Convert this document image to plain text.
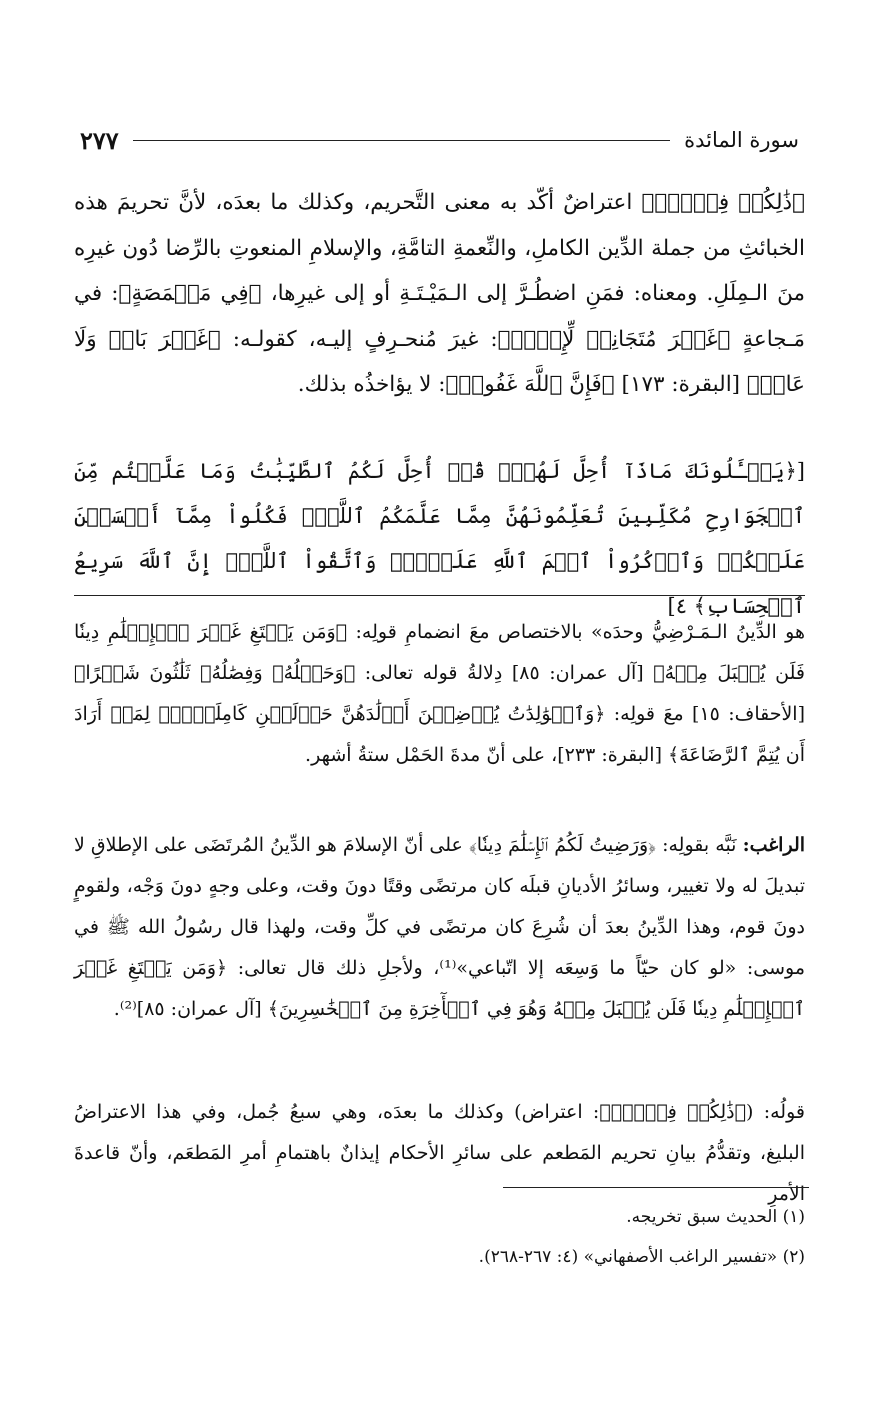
سورة المائدة
٢٧٧
﴿ذَٰلِكُمۡ فِسۡقٌۗ﴾ اعتراضٌ أكّد به معنى التَّحريم، وكذلك ما بعدَه، لأنَّ تحريمَ هذه الخبائثِ من جملة الدِّين الكاملِ، والنِّعمةِ التامَّةِ، والإسلامِ المنعوتِ بالرِّضا دُون غيرِه منَ الـمِلَلِ. ومعناه: فمَنِ اضطُـرَّ إلى الـمَيْـتَـةِ أو إلى غيرِها، ﴿فِي مَخۡمَصَةٍ﴾: في مَـجاعةٍ ﴿غَيۡرَ مُتَجَانِفٖ لِّإِثۡمٖ﴾: غيرَ مُنحـرِفٍ إليـه، كقولـه: ﴿غَيۡرَ بَاغٖ وَلَا عَادٖ﴾ [البقرة: ١٧٣] ﴿فَإِنَّ ٱللَّهَ غَفُورٞ﴾: لا يؤاخذُه بذلك.
[﴿يَسۡـَٔلُونَكَ مَاذَآ أُحِلَّ لَهُمۡۖ قُلۡ أُحِلَّ لَكُمُ ٱلطَّيِّبَٰتُ وَمَا عَلَّمۡتُم مِّنَ ٱلۡجَوَارِحِ مُكَلِّبِينَ تُعَلِّمُونَهُنَّ مِمَّا عَلَّمَكُمُ ٱللَّهُۖ فَكُلُواْ مِمَّآ أَمۡسَكۡنَ عَلَيۡكُمۡ وَٱذۡكُرُواْ ٱسۡمَ ٱللَّهِ عَلَيۡهِۖ وَٱتَّقُواْ ٱللَّهَۚ إِنَّ ٱللَّهَ سَرِيعُ ٱلۡحِسَابِ﴾ ٤]
هو الدِّينُ الـمَـرْضِيُّ وحدَه» بالاختصاص معَ انضمامِ قولِه: ﴿وَمَن يَبۡتَغِ غَيۡرَ ٱلۡإِسۡلَٰمِ دِينٗا فَلَن يُقۡبَلَ مِنۡهُ﴾ [آل عمران: ٨٥] دِلالةُ قوله تعالى: ﴿وَحَمۡلُهُۥ وَفِصَٰلُهُۥ ثَلَٰثُونَ شَهۡرًا﴾ [الأحقاف: ١٥] معَ قولِه: ﴿وَٱلۡوَٰلِدَٰتُ يُرۡضِعۡنَ أَوۡلَٰدَهُنَّ حَوۡلَيۡنِ كَامِلَيۡنِۖ لِمَنۡ أَرَادَ أَن يُتِمَّ ٱلرَّضَاعَةَ﴾ [البقرة: ٢٣٣]، على أنّ مدةَ الحَمْل ستةُ أشهر.
الراغب: نَبَّه بقولِه: ﴿وَرَضِيتُ لَكُمُ ٱلۡإِسۡلَٰمَ دِينٗا﴾ على أنّ الإسلامَ هو الدِّينُ المُرتَضَى على الإطلاقِ لا تبديلَ له ولا تغيير، وسائرُ الأديانِ قبلَه كان مرتضًى وقتًا دونَ وقت، وعلى وجهٍ دونَ وَجْه، ولقومٍ دونَ قوم، وهذا الدِّينُ بعدَ أن شُرِعَ كان مرتضًى في كلِّ وقت، ولهذا قال رسُولُ الله ﷺ في موسى: «لو كان حيّاً ما وَسِعَه إلا اتّباعي»⁽¹⁾، ولأجلِ ذلك قال تعالى: ﴿وَمَن يَبۡتَغِ غَيۡرَ ٱلۡإِسۡلَٰمِ دِينٗا فَلَن يُقۡبَلَ مِنۡهُ وَهُوَ فِي ٱلۡأٓخِرَةِ مِنَ ٱلۡخَٰسِرِينَ﴾ [آل عمران: ٨٥]⁽²⁾.
قولُه: (﴿ذَٰلِكُمۡ فِسۡقٌۗ﴾: اعتراض) وكذلك ما بعدَه، وهي سبعُ جُمل، وفي هذا الاعتراضُ البليغ، وتقدُّمُ بيانِ تحريم المَطعم على سائرِ الأحكام إيذانٌ باهتمامِ أمرِ المَطعَم، وأنّ قاعدةَ الأمرِ
(١) الحديث سبق تخريجه.
(٢) «تفسير الراغب الأصفهاني» (٤: ٢٦٧-٢٦٨).
